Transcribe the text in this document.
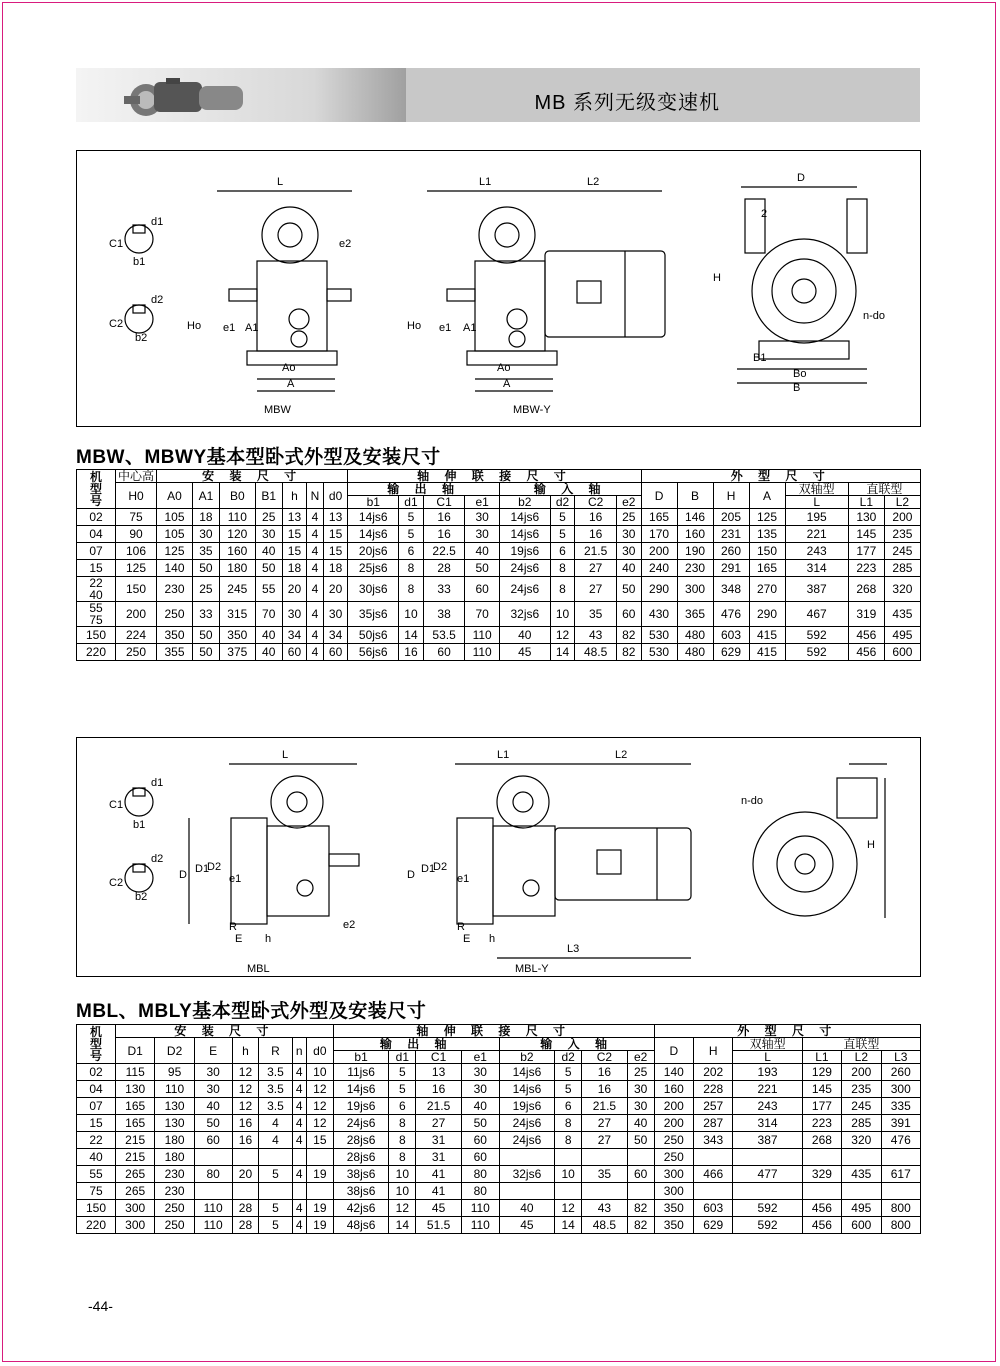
MB 系列无级变速机
d1
C1
b1
d2
C2
b2
L
e2
Ho e1 A1
Ao
A
MBW
L1	L2
Ho e1 A1
Ao
A
MBW-Y
D
2
H
n-do
B1
Bo
B
MBW、MBWY基本型卧式外型及安装尺寸
机
型
号	中心高	安 装 尺 寸							轴 伸 联 接 尺 寸								外 型 尺 寸						
	H0	A0	A1	B0	B1	h	N	d0	输 出 轴				输 入 轴				D	B	H	A	双轴型	直联型	
									b1	d1	C1	e1	b2	d2	C2	e2					L	L1	L2
02	75	105	18	110	25	13	4	13	14js6	5	16	30	14js6	5	16	25	165	146	205	125	195	130	200
04	90	105	30	120	30	15	4	15	14js6	5	16	30	14js6	5	16	30	170	160	231	135	221	145	235
07	106	125	35	160	40	15	4	15	20js6	6	22.5	40	19js6	6	21.5	30	200	190	260	150	243	177	245
15	125	140	50	180	50	18	4	18	25js6	8	28	50	24js6	8	27	40	240	230	291	165	314	223	285
22
40	150	230	25	245	55	20	4	20	30js6	8	33	60	24js6	8	27	50	290	300	348	270	387	268	320
55
75	200	250	33	315	70	30	4	30	35js6	10	38	70	32js6	10	35	60	430	365	476	290	467	319	435
150	224	350	50	350	40	34	4	34	50js6	14	53.5	110	40	12	43	82	530	480	603	415	592	456	495
220	250	355	50	375	40	60	4	60	56js6	16	60	110	45	14	48.5	82	530	480	629	415	592	456	600
d1
C1
b1
d2
C2
b2
L
D D1
D2
e1
e2
R
E h
MBL
L1	L2
D D1
D2
e1
R
E h
L3
MBL-Y
n-do
H
MBL、MBLY基本型卧式外型及安装尺寸
机
型
号	安 装 尺 寸							轴 伸 联 接 尺 寸								外 型 尺 寸					
	D1	D2	E	h	R	n	d0	输 出 轴				输 入 轴				D	H	双轴型	直联型		
								b1	d1	C1	e1	b2	d2	C2	e2			L	L1	L2	L3
02	115	95	30	12	3.5	4	10	11js6	5	13	30	14js6	5	16	25	140	202	193	129	200	260
04	130	110	30	12	3.5	4	12	14js6	5	16	30	14js6	5	16	30	160	228	221	145	235	300
07	165	130	40	12	3.5	4	12	19js6	6	21.5	40	19js6	6	21.5	30	200	257	243	177	245	335
15	165	130	50	16	4	4	12	24js6	8	27	50	24js6	8	27	40	200	287	314	223	285	391
22	215	180	60	16	4	4	15	28js6	8	31	60	24js6	8	27	50	250	343	387	268	320	476
40	215	180						28js6	8	31	60					250					
55	265	230	80	20	5	4	19	38js6	10	41	80	32js6	10	35	60	300	466	477	329	435	617
75	265	230						38js6	10	41	80					300					
150	300	250	110	28	5	4	19	42js6	12	45	110	40	12	43	82	350	603	592	456	495	800
220	300	250	110	28	5	4	19	48js6	14	51.5	110	45	14	48.5	82	350	629	592	456	600	800
-44-
